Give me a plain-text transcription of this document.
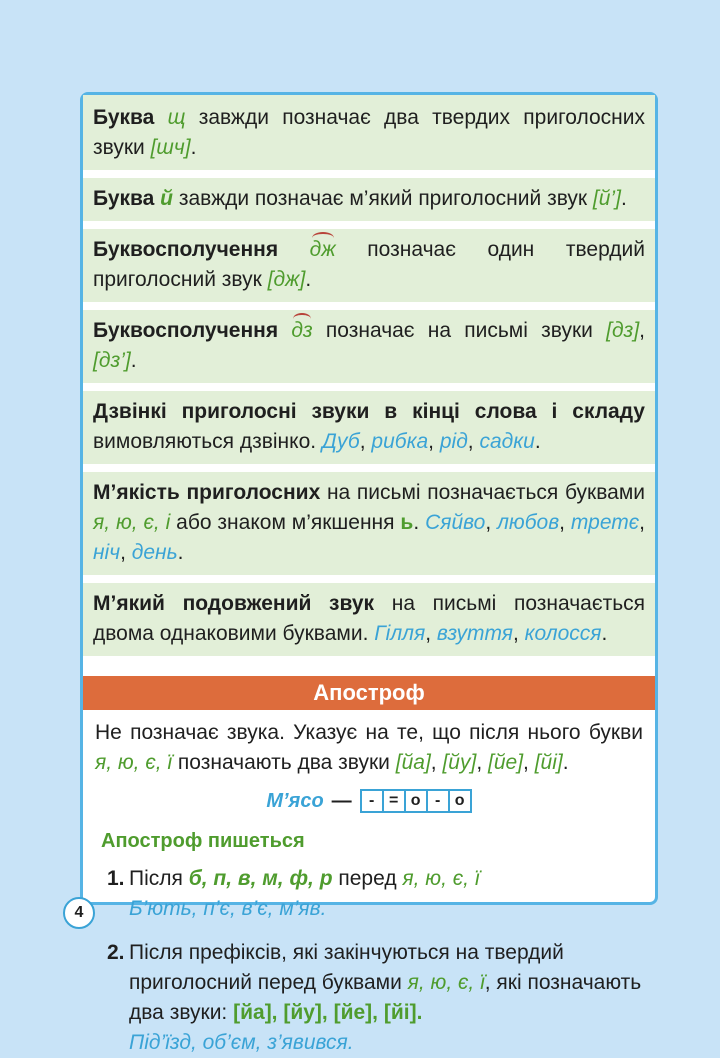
Буква щ завжди позначає два твердих приголосних звуки [шч].
Буква й завжди позначає м’який приголосний звук [й’].
Буквосполучення дж позначає один твердий приголосний звук [дж].
Буквосполучення дз позначає на письмі звуки [дз], [дз’].
Дзвінкі приголосні звуки в кінці слова і складу вимовляються дзвінко. Дуб, рибка, рід, садки.
М’якість приголосних на письмі позначається буквами я, ю, є, і або знаком м’якшення ь. Сяйво, любов, третє, ніч, день.
М’який подовжений звук на письмі позначається двома однаковими буквами. Гілля, взуття, колосся.
Апостроф
Не позначає звука. Указує на те, що після нього букви я, ю, є, ї позначають два звуки [йа], [йу], [йе], [йі].
М’ясо —	- = о - о
Апостроф пишеться
1. Після б, п, в, м, ф, р перед я, ю, є, ї
Б’ють, п’є, в’є, м’яв.
2. Після префіксів, які закінчуються на твердий приголосний перед буквами я, ю, є, ї, які позначають два звуки: [йа], [йу], [йе], [йі].
Під’їзд, об’єм, з’явився.
4
